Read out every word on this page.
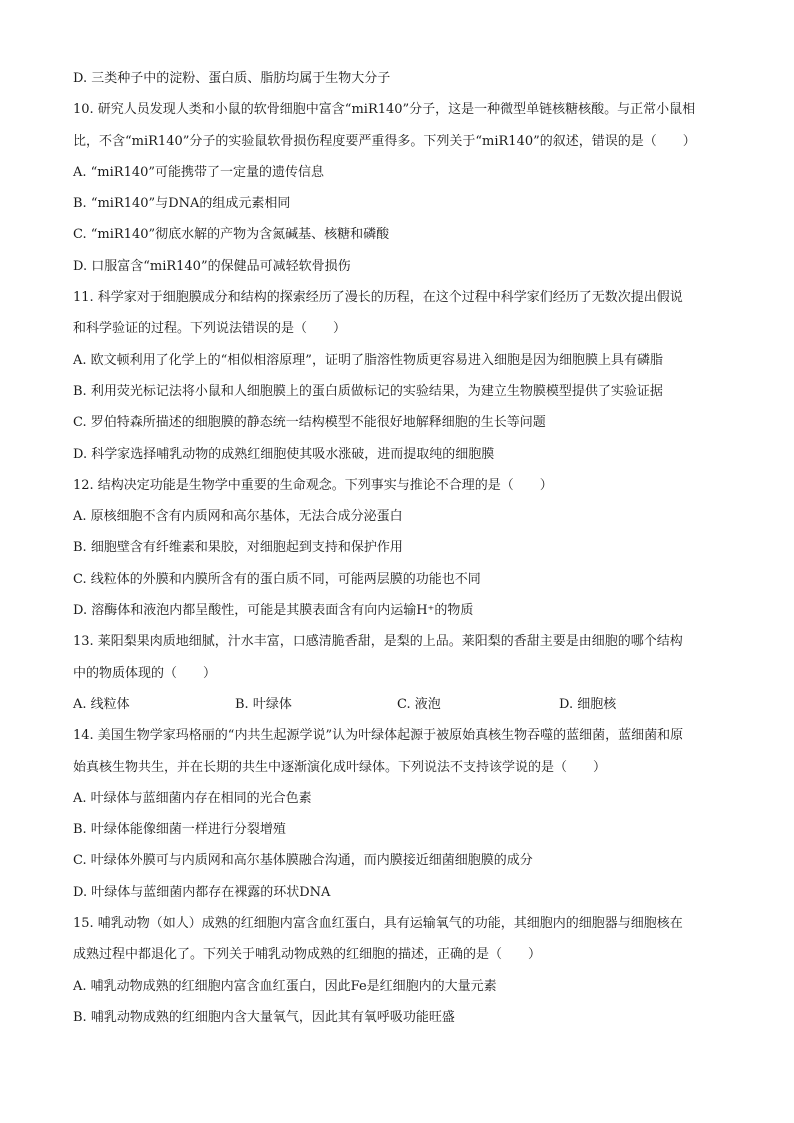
D. 三类种子中的淀粉、蛋白质、脂肪均属于生物大分子
10. 研究人员发现人类和小鼠的软骨细胞中富含“miR140”分子，这是一种微型单链核糖核酸。与正常小鼠相
比，不含“miR140”分子的实验鼠软骨损伤程度要严重得多。下列关于“miR140”的叙述，错误的是（　　）
A. “miR140”可能携带了一定量的遗传信息
B. “miR140”与DNA的组成元素相同
C. “miR140”彻底水解的产物为含氮碱基、核糖和磷酸
D. 口服富含“miR140”的保健品可减轻软骨损伤
11. 科学家对于细胞膜成分和结构的探索经历了漫长的历程，在这个过程中科学家们经历了无数次提出假说
和科学验证的过程。下列说法错误的是（　　）
A. 欧文顿利用了化学上的“相似相溶原理”，证明了脂溶性物质更容易进入细胞是因为细胞膜上具有磷脂
B. 利用荧光标记法将小鼠和人细胞膜上的蛋白质做标记的实验结果，为建立生物膜模型提供了实验证据
C. 罗伯特森所描述的细胞膜的静态统一结构模型不能很好地解释细胞的生长等问题
D. 科学家选择哺乳动物的成熟红细胞使其吸水涨破，进而提取纯的细胞膜
12. 结构决定功能是生物学中重要的生命观念。下列事实与推论不合理的是（　　）
A. 原核细胞不含有内质网和高尔基体，无法合成分泌蛋白
B. 细胞壁含有纤维素和果胶，对细胞起到支持和保护作用
C. 线粒体的外膜和内膜所含有的蛋白质不同，可能两层膜的功能也不同
D. 溶酶体和液泡内都呈酸性，可能是其膜表面含有向内运输H⁺的物质
13. 莱阳梨果肉质地细腻，汁水丰富，口感清脆香甜，是梨的上品。莱阳梨的香甜主要是由细胞的哪个结构
中的物质体现的（　　）
A. 线粒体	B. 叶绿体	C. 液泡	D. 细胞核
14. 美国生物学家玛格丽的“内共生起源学说”认为叶绿体起源于被原始真核生物吞噬的蓝细菌，蓝细菌和原
始真核生物共生，并在长期的共生中逐渐演化成叶绿体。下列说法不支持该学说的是（　　）
A. 叶绿体与蓝细菌内存在相同的光合色素
B. 叶绿体能像细菌一样进行分裂增殖
C. 叶绿体外膜可与内质网和高尔基体膜融合沟通，而内膜接近细菌细胞膜的成分
D. 叶绿体与蓝细菌内都存在裸露的环状DNA
15. 哺乳动物（如人）成熟的红细胞内富含血红蛋白，具有运输氧气的功能，其细胞内的细胞器与细胞核在
成熟过程中都退化了。下列关于哺乳动物成熟的红细胞的描述，正确的是（　　）
A. 哺乳动物成熟的红细胞内富含血红蛋白，因此Fe是红细胞内的大量元素
B. 哺乳动物成熟的红细胞内含大量氧气，因此其有氧呼吸功能旺盛
